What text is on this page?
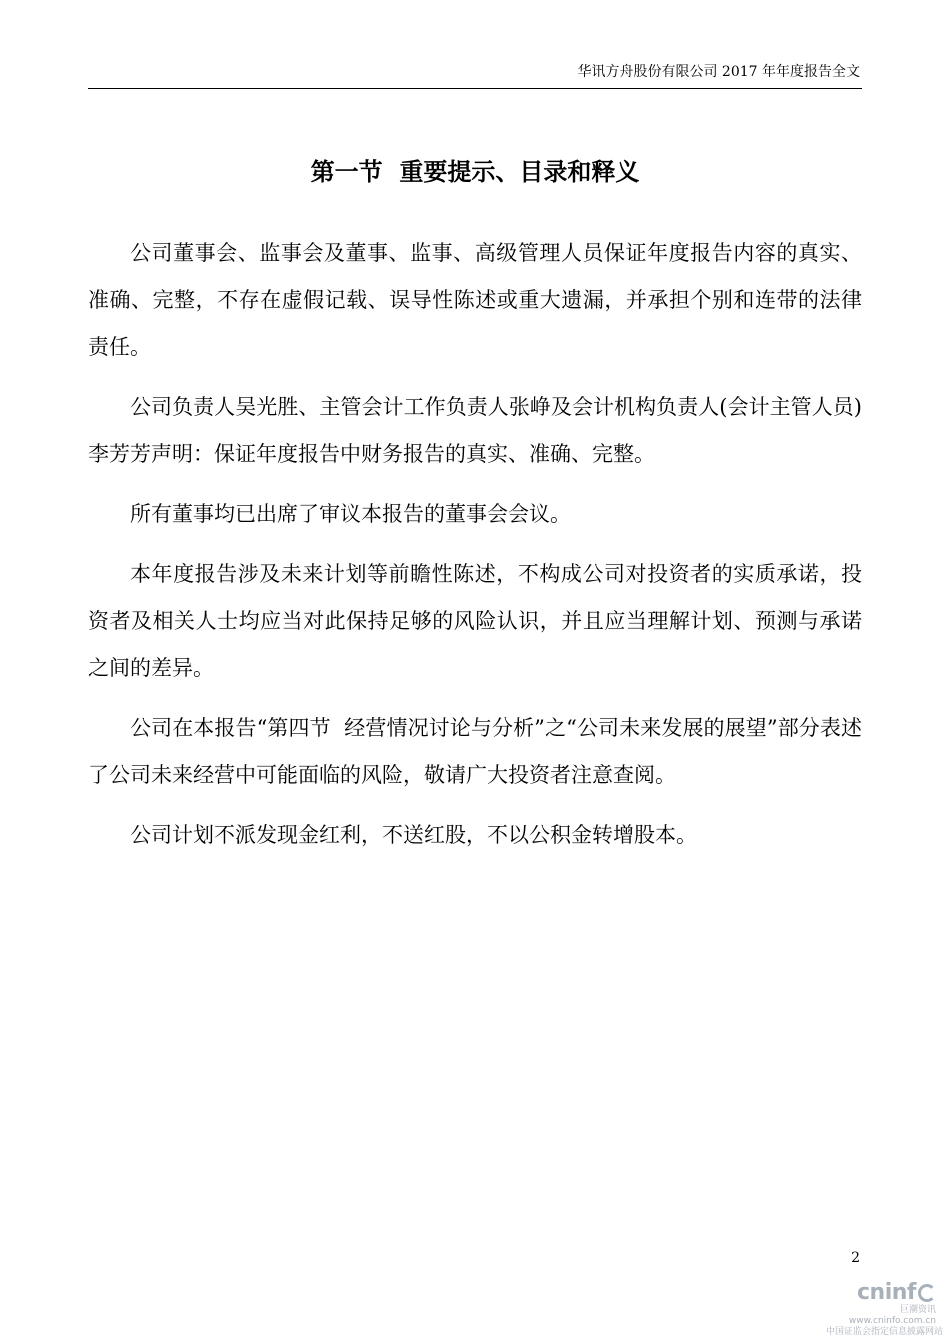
华讯方舟股份有限公司 2017 年年度报告全文
第一节  重要提示、目录和释义

公司董事会、监事会及董事、监事、高级管理人员保证年度报告内容的真实、准确、完整，不存在虚假记载、误导性陈述或重大遗漏，并承担个别和连带的法律责任。

公司负责人吴光胜、主管会计工作负责人张峥及会计机构负责人(会计主管人员)李芳芳声明：保证年度报告中财务报告的真实、准确、完整。

所有董事均已出席了审议本报告的董事会会议。

本年度报告涉及未来计划等前瞻性陈述，不构成公司对投资者的实质承诺，投资者及相关人士均应当对此保持足够的风险认识，并且应当理解计划、预测与承诺之间的差异。

公司在本报告“第四节  经营情况讨论与分析”之“公司未来发展的展望”部分表述了公司未来经营中可能面临的风险，敬请广大投资者注意查阅。

公司计划不派发现金红利，不送红股，不以公积金转增股本。

2
cninf
巨潮资讯
www.cninfo.com.cn
中国证监会指定信息披露网站
